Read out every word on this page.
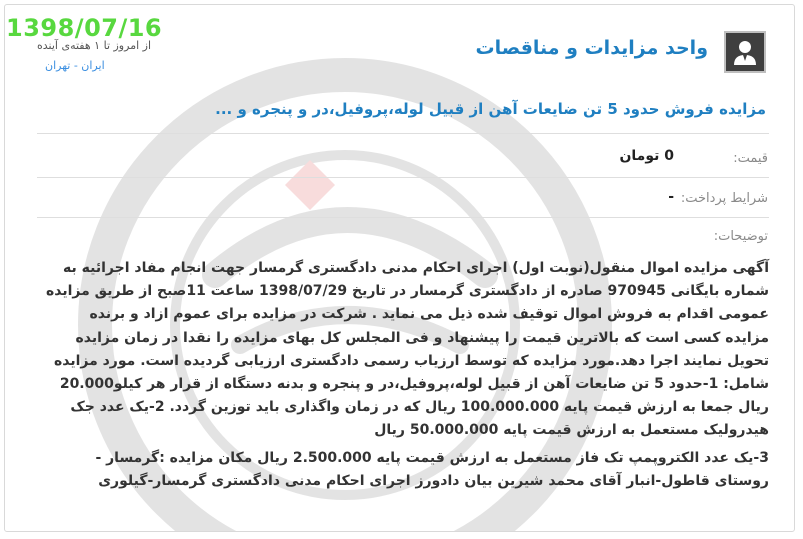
واحد مزایدات و مناقصات
از امروز تا ۱ هفته‌ی آینده
ایران - تهران
مزایده فروش حدود 5 تن ضایعات آهن از قبیل لوله،پروفیل،در و پنجره و ...
قیمت:
0 تومان
شرایط پرداخت:
-
توضیحات:

آگهی مزایده اموال منقول(نوبت اول) اجرای احکام مدنی دادگستری گرمسار جهت انجام مفاد اجرائیه به شماره بایگانی 970945 صادره از دادگستری گرمسار در تاریخ 1398/07/29 ساعت 11صبح از طریق مزایده عمومی اقدام به فروش اموال توقیف شده ذیل می نماید . شرکت در مزایده برای عموم ازاد و برنده مزایده کسی است که بالاترین قیمت را پیشنهاد و فی المجلس کل بهای مزایده را نقدا در زمان مزایده تحویل نمایند اجرا دهد.مورد مزایده که توسط ارزیاب رسمی دادگستری ارزیابی گردیده است. مورد مزایده شامل: 1-حدود 5 تن ضایعات آهن از قبیل لوله،پروفیل،در و پنجره و بدنه دستگاه از قرار هر کیلو20.000 ریال جمعا به ارزش قیمت پایه 100.000.000 ریال که در زمان واگذاری باید توزین گردد. 2-یک عدد جک هیدرولیک مستعمل به ارزش قیمت پایه 50.000.000 ریال

3-یک عدد الکتروپمپ تک فاز مستعمل به ارزش قیمت پایه 2.500.000 ریال مکان مزایده :گرمسار - روستای قاطول-انبار آقای محمد شیرین بیان دادورز اجرای احکام مدنی دادگستری گرمسار-گیلوری

1398/07/16
